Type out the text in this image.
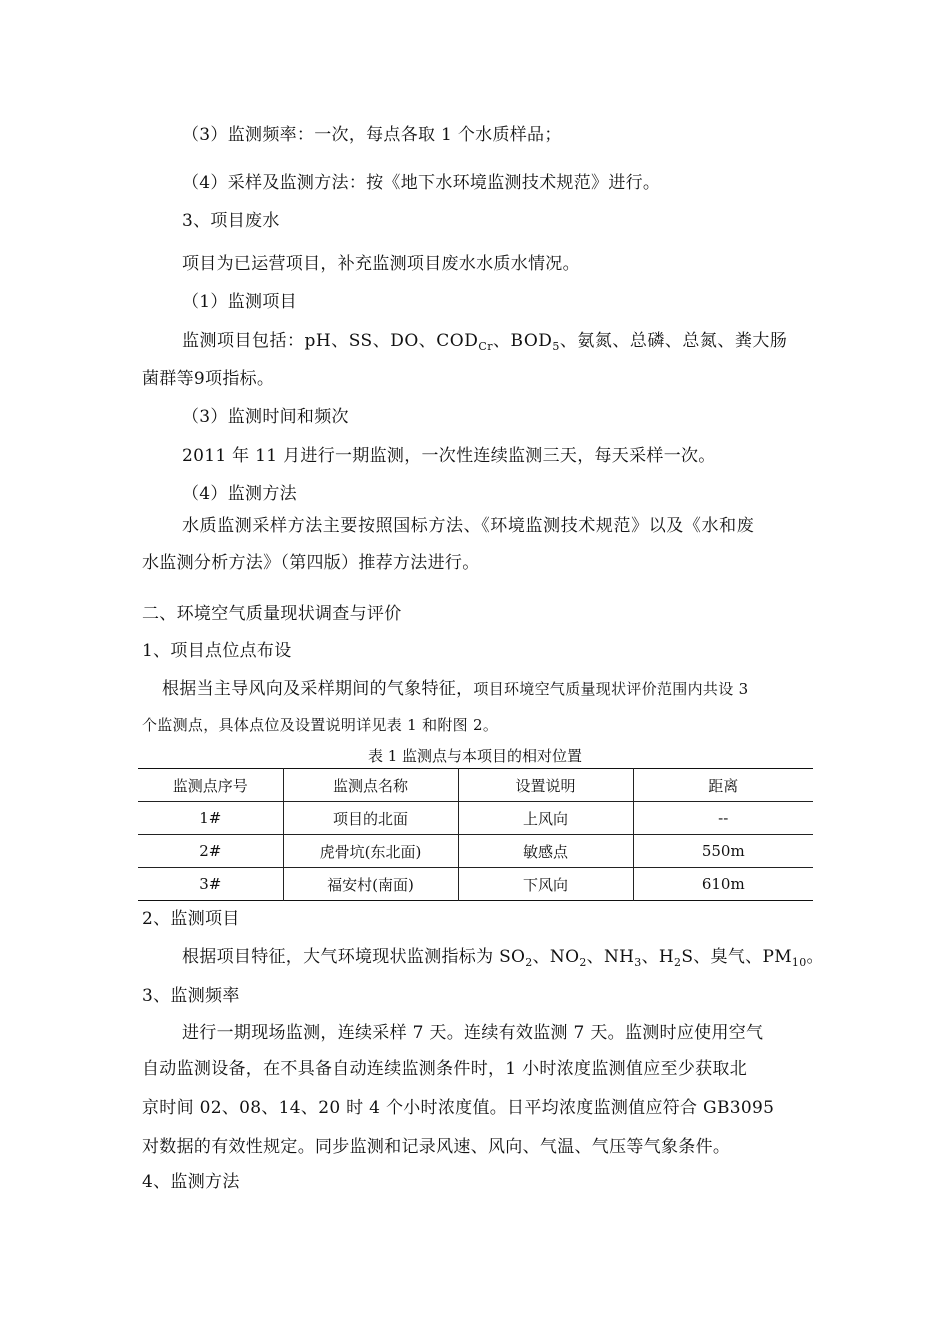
（3）监测频率：一次，每点各取 1 个水质样品；
（4）采样及监测方法：按《地下水环境监测技术规范》进行。
3、项目废水
项目为已运营项目，补充监测项目废水水质水情况。
（1）监测项目
监测项目包括：pH、SS、DO、$COD_{Cr}$、$BOD_5$、氨氮、总磷、总氮、粪大肠
菌群等9项指标。
（3）监测时间和频次
2011 年 11 月进行一期监测，一次性连续监测三天，每天采样一次。
（4）监测方法
水质监测采样方法主要按照国标方法、《环境监测技术规范》以及《水和废
水监测分析方法》（第四版）推荐方法进行。
二、环境空气质量现状调查与评价
1、项目点位点布设
根据当主导风向及采样期间的气象特征，项目环境空气质量现状评价范围内共设 3
个监测点，具体点位及设置说明详见表 1 和附图 2。
表 1 监测点与本项目的相对位置
监测点序号	监测点名称	设置说明	距离
1#	项目的北面	上风向	--
2#	虎骨坑(东北面)	敏感点	550m
3#	福安村(南面)	下风向	610m
2、监测项目
根据项目特征，大气环境现状监测指标为 $SO_2$、$NO_2$、$NH_3$、$H_2S$、臭气、$PM_{10}$。
3、监测频率
进行一期现场监测，连续采样 7 天。连续有效监测 7 天。监测时应使用空气
自动监测设备，在不具备自动连续监测条件时，1 小时浓度监测值应至少获取北
京时间 02、08、14、20 时 4 个小时浓度值。日平均浓度监测值应符合 GB3095
对数据的有效性规定。同步监测和记录风速、风向、气温、气压等气象条件。
4、监测方法
